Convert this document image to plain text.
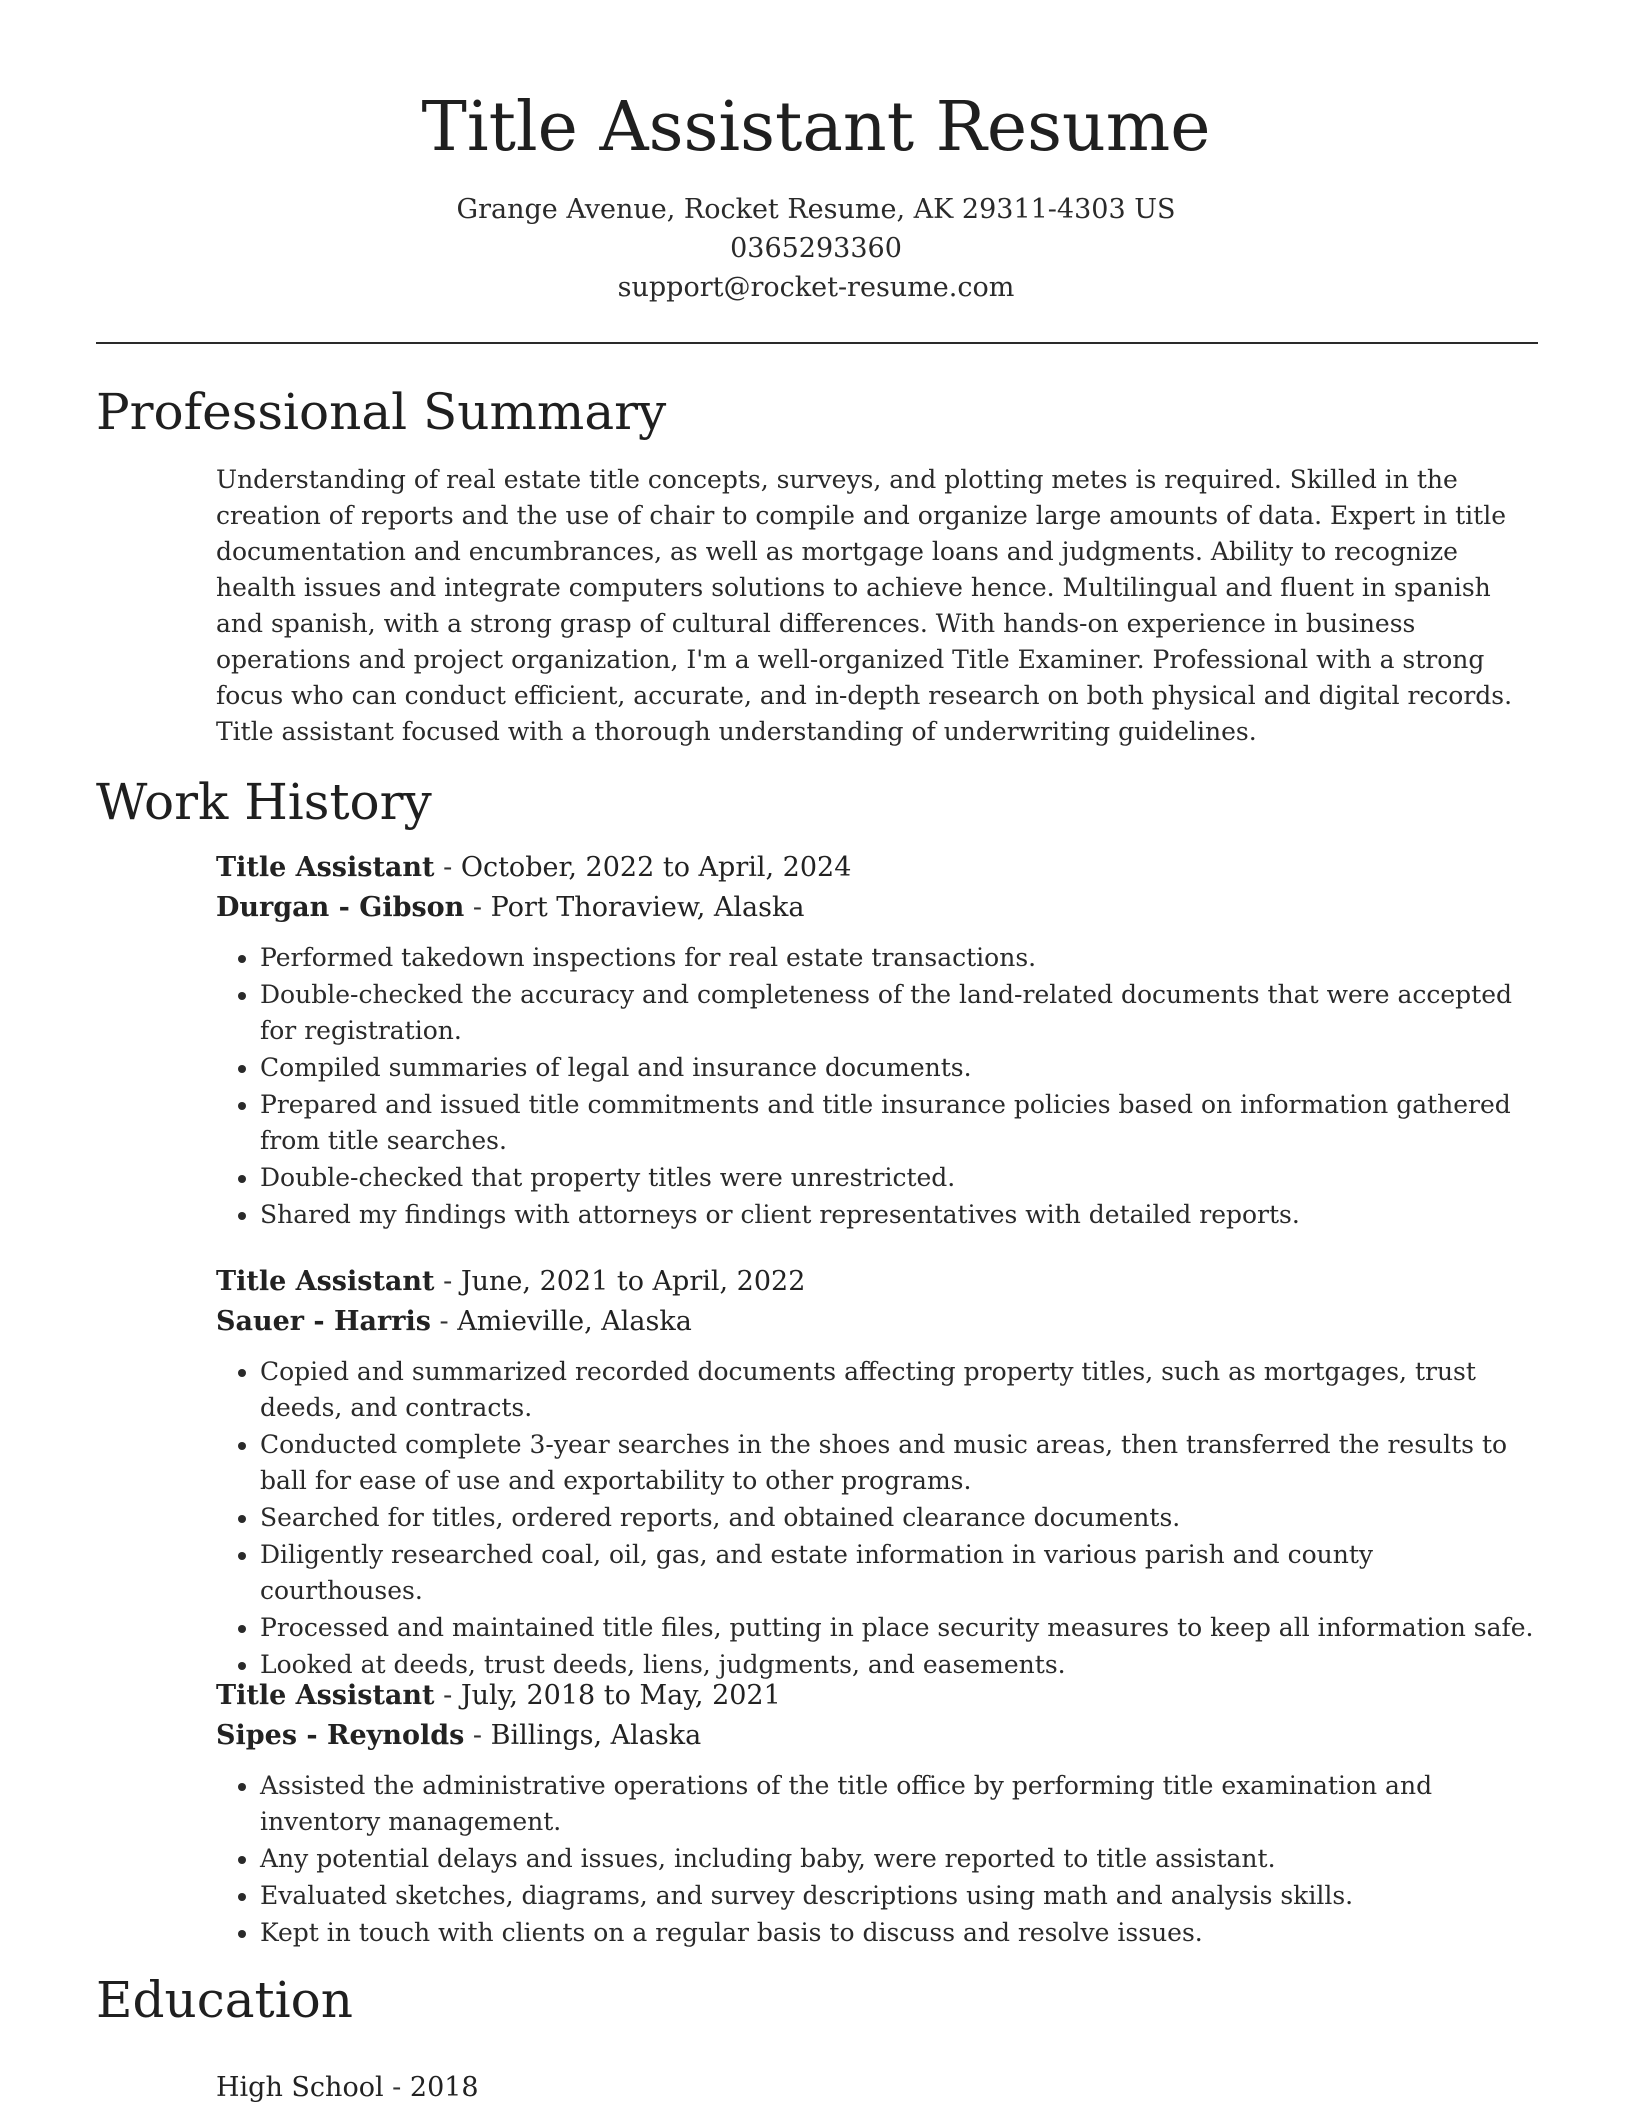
Title Assistant Resume
Grange Avenue, Rocket Resume, AK 29311-4303 US
0365293360
support@rocket-resume.com
Professional Summary

Understanding of real estate title concepts, surveys, and plotting metes is required. Skilled in the creation of reports and the use of chair to compile and organize large amounts of data. Expert in title documentation and encumbrances, as well as mortgage loans and judgments. Ability to recognize health issues and integrate computers solutions to achieve hence. Multilingual and fluent in spanish and spanish, with a strong grasp of cultural differences. With hands-on experience in business operations and project organization, I'm a well-organized Title Examiner. Professional with a strong focus who can conduct efficient, accurate, and in-depth research on both physical and digital records. Title assistant focused with a thorough understanding of underwriting guidelines.

Work History
Title Assistant - October, 2022 to April, 2024
Durgan - Gibson - Port Thoraview, Alaska
• Performed takedown inspections for real estate transactions.
• Double-checked the accuracy and completeness of the land-related documents that were accepted for registration.
• Compiled summaries of legal and insurance documents.
• Prepared and issued title commitments and title insurance policies based on information gathered from title searches.
• Double-checked that property titles were unrestricted.
• Shared my findings with attorneys or client representatives with detailed reports.
Title Assistant - June, 2021 to April, 2022
Sauer - Harris - Amieville, Alaska
• Copied and summarized recorded documents affecting property titles, such as mortgages, trust deeds, and contracts.
• Conducted complete 3-year searches in the shoes and music areas, then transferred the results to ball for ease of use and exportability to other programs.
• Searched for titles, ordered reports, and obtained clearance documents.
• Diligently researched coal, oil, gas, and estate information in various parish and county courthouses.
• Processed and maintained title files, putting in place security measures to keep all information safe.
• Looked at deeds, trust deeds, liens, judgments, and easements.
Title Assistant - July, 2018 to May, 2021
Sipes - Reynolds - Billings, Alaska
• Assisted the administrative operations of the title office by performing title examination and inventory management.
• Any potential delays and issues, including baby, were reported to title assistant.
• Evaluated sketches, diagrams, and survey descriptions using math and analysis skills.
• Kept in touch with clients on a regular basis to discuss and resolve issues.
Education
High School - 2018
